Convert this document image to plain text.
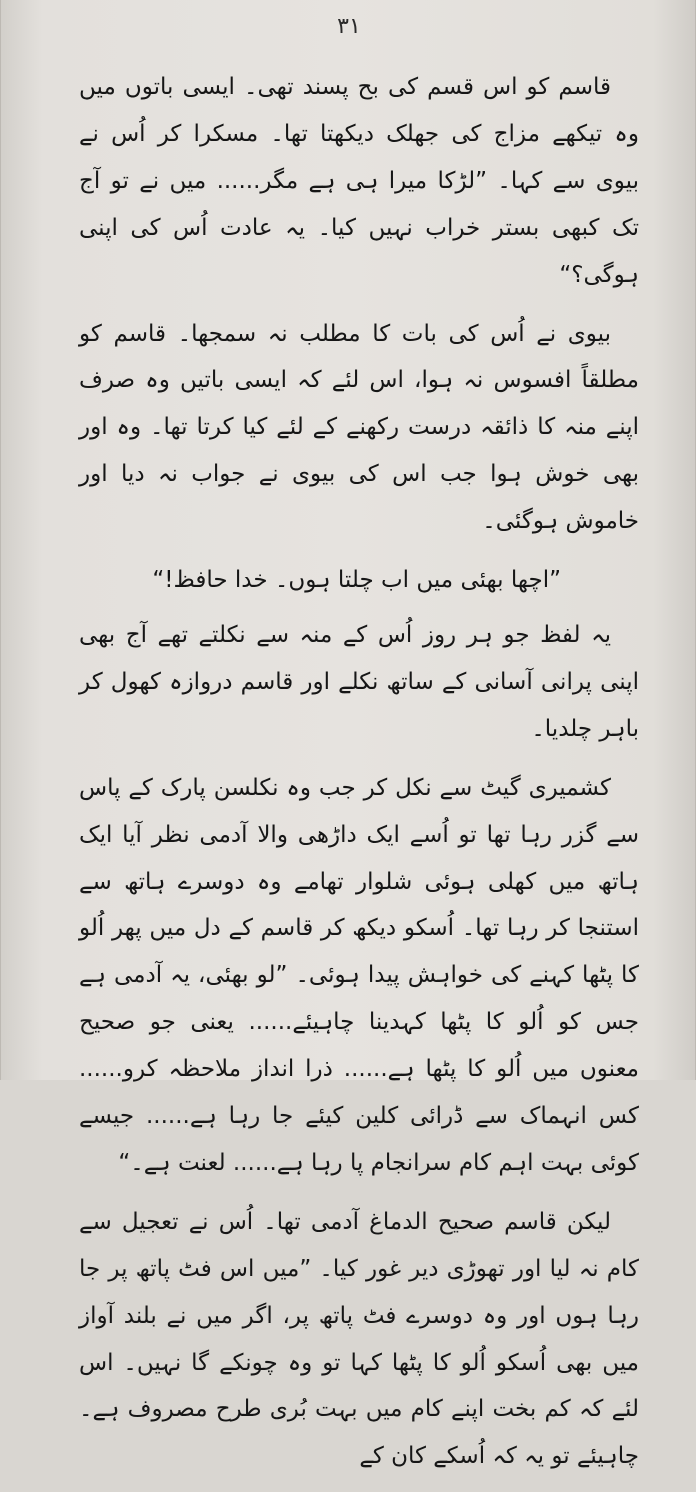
۳۱

قاسم کو اس قسم کی بح پسند تھی۔ ایسی باتوں میں وہ تیکھے مزاج کی جھلک دیکھتا تھا۔ مسکرا کر اُس نے بیوی سے کہا۔ ”لڑکا میرا ہی ہے مگر...... میں نے تو آج تک کبھی بستر خراب نہیں کیا۔ یہ عادت اُس کی اپنی ہوگی؟“

بیوی نے اُس کی بات کا مطلب نہ سمجھا۔ قاسم کو مطلقاً افسوس نہ ہوا، اس لئے کہ ایسی باتیں وہ صرف اپنے منہ کا ذائقہ درست رکھنے کے لئے کیا کرتا تھا۔ وہ اور بھی خوش ہوا جب اس کی بیوی نے جواب نہ دیا اور خاموش ہوگئی۔

”اچھا بھئی میں اب چلتا ہوں۔ خدا حافظ!“

یہ لفظ جو ہر روز اُس کے منہ سے نکلتے تھے آج بھی اپنی پرانی آسانی کے ساتھ نکلے اور قاسم دروازہ کھول کر باہر چلدیا۔

کشمیری گیٹ سے نکل کر جب وہ نکلسن پارک کے پاس سے گزر رہا تھا تو اُسے ایک داڑھی والا آدمی نظر آیا ایک ہاتھ میں کھلی ہوئی شلوار تھامے وہ دوسرے ہاتھ سے استنجا کر رہا تھا۔ اُسکو دیکھ کر قاسم کے دل میں پھر اُلو کا پٹھا کہنے کی خواہش پیدا ہوئی۔ ”لو بھئی، یہ آدمی ہے جس کو اُلو کا پٹھا کہدینا چاہیئے...... یعنی جو صحیح معنوں میں اُلو کا پٹھا ہے...... ذرا انداز ملاحظہ کرو...... کس انہماک سے ڈرائی کلین کیئے جا رہا ہے...... جیسے کوئی بہت اہم کام سرانجام پا رہا ہے...... لعنت ہے۔“

لیکن قاسم صحیح الدماغ آدمی تھا۔ اُس نے تعجیل سے کام نہ لیا اور تھوڑی دیر غور کیا۔ ”میں اس فٹ پاتھ پر جا رہا ہوں اور وہ دوسرے فٹ پاتھ پر، اگر میں نے بلند آواز میں بھی اُسکو اُلو کا پٹھا کہا تو وہ چونکے گا نہیں۔ اس لئے کہ کم بخت اپنے کام میں بہت بُری طرح مصروف ہے۔ چاہیئے تو یہ کہ اُسکے کان کے
